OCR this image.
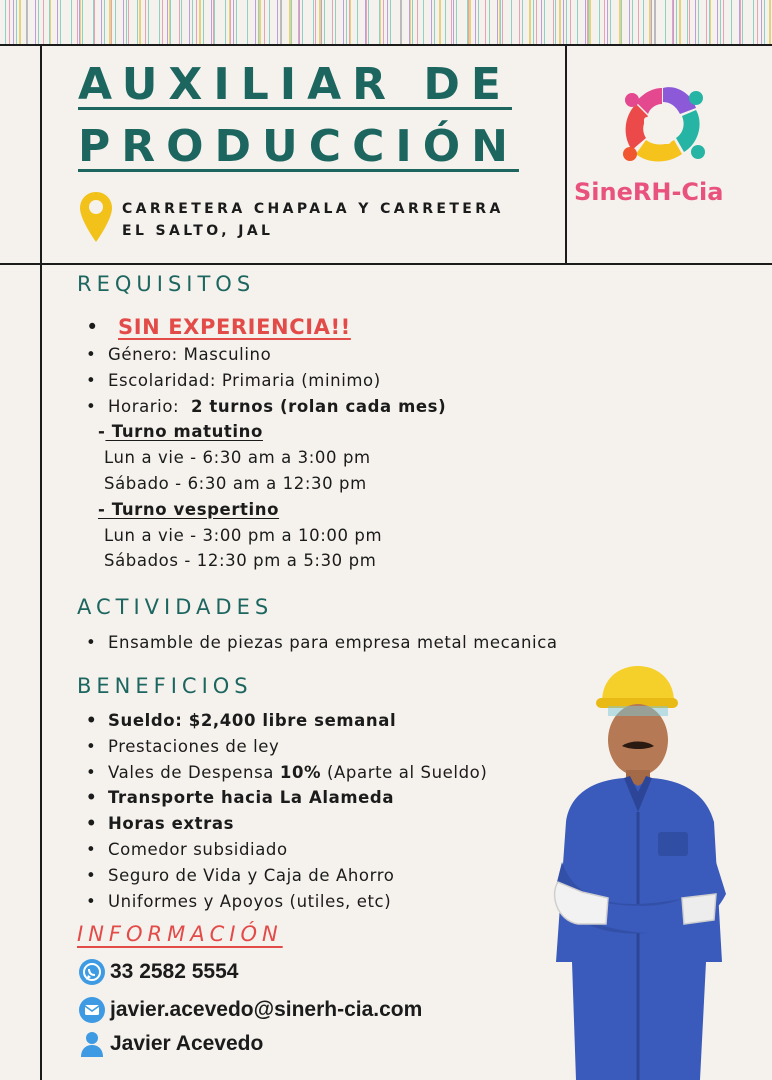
AUXILIAR DE
PRODUCCIÓN
CARRETERA CHAPALA Y CARRETERA
EL SALTO, JAL
SineRH-Cia
REQUISITOS
• SIN EXPERIENCIA!!
• Género: Masculino
• Escolaridad: Primaria (minimo)
• Horario: 2 turnos (rolan cada mes)
- Turno matutino
Lun a vie - 6:30 am a 3:00 pm
Sábado - 6:30 am a 12:30 pm
- Turno vespertino
Lun a vie - 3:00 pm a 10:00 pm
Sábados - 12:30 pm a 5:30 pm
ACTIVIDADES
• Ensamble de piezas para empresa metal mecanica
BENEFICIOS
• Sueldo: $2,400 libre semanal
• Prestaciones de ley
• Vales de Despensa 10% (Aparte al Sueldo)
• Transporte hacia La Alameda
• Horas extras
• Comedor subsidiado
• Seguro de Vida y Caja de Ahorro
• Uniformes y Apoyos (utiles, etc)
INFORMACIÓN
33 2582 5554
javier.acevedo@sinerh-cia.com
Javier Acevedo
